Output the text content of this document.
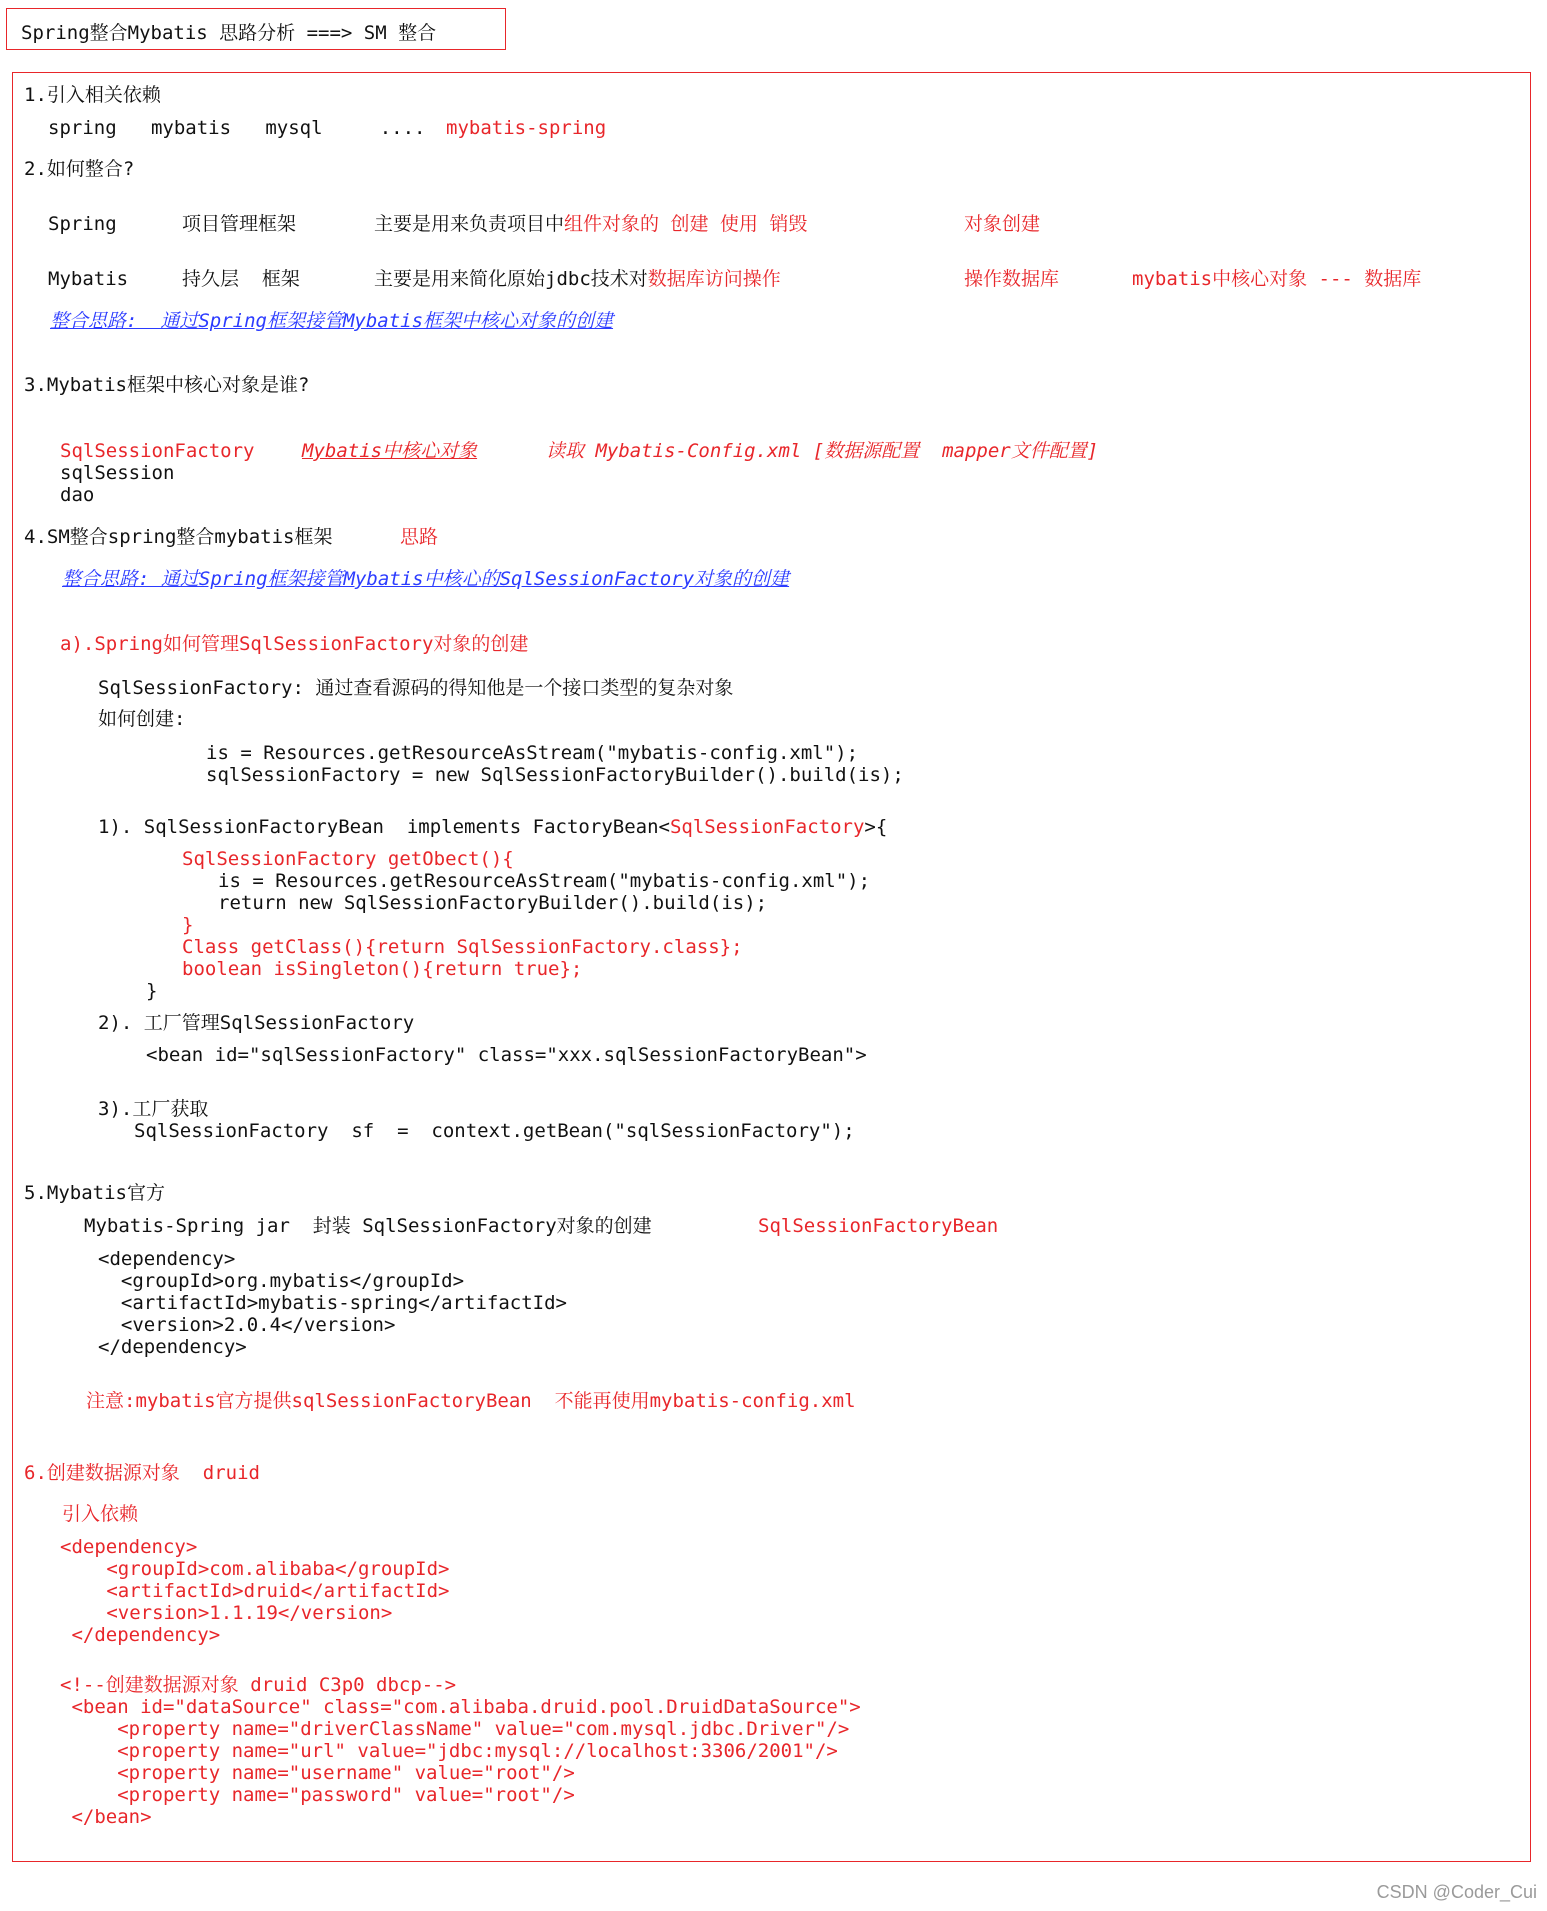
Spring整合Mybatis 思路分析 ===> SM 整合
1.引入相关依赖
spring   mybatis   mysql     .... mybatis-spring
2.如何整合?
Spring	项目管理框架	主要是用来负责项目中组件对象的 创建 使用 销毁	对象创建
Mybatis	持久层  框架	主要是用来简化原始jdbc技术对数据库访问操作	操作数据库	mybatis中核心对象 --- 数据库
整合思路:  通过Spring框架接管Mybatis框架中核心对象的创建
3.Mybatis框架中核心对象是谁?
SqlSessionFactory	Mybatis中核心对象	读取 Mybatis-Config.xml [数据源配置  mapper文件配置]
sqlSession
dao
4.SM整合spring整合mybatis框架	思路
整合思路: 通过Spring框架接管Mybatis中核心的SqlSessionFactory对象的创建
a).Spring如何管理SqlSessionFactory对象的创建
SqlSessionFactory: 通过查看源码的得知他是一个接口类型的复杂对象
如何创建:
is = Resources.getResourceAsStream("mybatis-config.xml");
sqlSessionFactory = new SqlSessionFactoryBuilder().build(is);
1). SqlSessionFactoryBean  implements FactoryBean<SqlSessionFactory>{
SqlSessionFactory getObect(){
is = Resources.getResourceAsStream("mybatis-config.xml");
return new SqlSessionFactoryBuilder().build(is);
}
Class getClass(){return SqlSessionFactory.class};
boolean isSingleton(){return true};
}
2). 工厂管理SqlSessionFactory
<bean id="sqlSessionFactory" class="xxx.sqlSessionFactoryBean">
3).工厂获取
SqlSessionFactory  sf  =  context.getBean("sqlSessionFactory");
5.Mybatis官方
Mybatis-Spring jar  封装 SqlSessionFactory对象的创建	SqlSessionFactoryBean
<dependency>
<groupId>org.mybatis</groupId>
<artifactId>mybatis-spring</artifactId>
<version>2.0.4</version>
</dependency>
注意:mybatis官方提供sqlSessionFactoryBean  不能再使用mybatis-config.xml
6.创建数据源对象  druid
引入依赖
<dependency>
<groupId>com.alibaba</groupId>
<artifactId>druid</artifactId>
<version>1.1.19</version>
</dependency>
<!--创建数据源对象 druid C3p0 dbcp-->
<bean id="dataSource" class="com.alibaba.druid.pool.DruidDataSource">
<property name="driverClassName" value="com.mysql.jdbc.Driver"/>
<property name="url" value="jdbc:mysql://localhost:3306/2001"/>
<property name="username" value="root"/>
<property name="password" value="root"/>
</bean>
CSDN @Coder_Cui
